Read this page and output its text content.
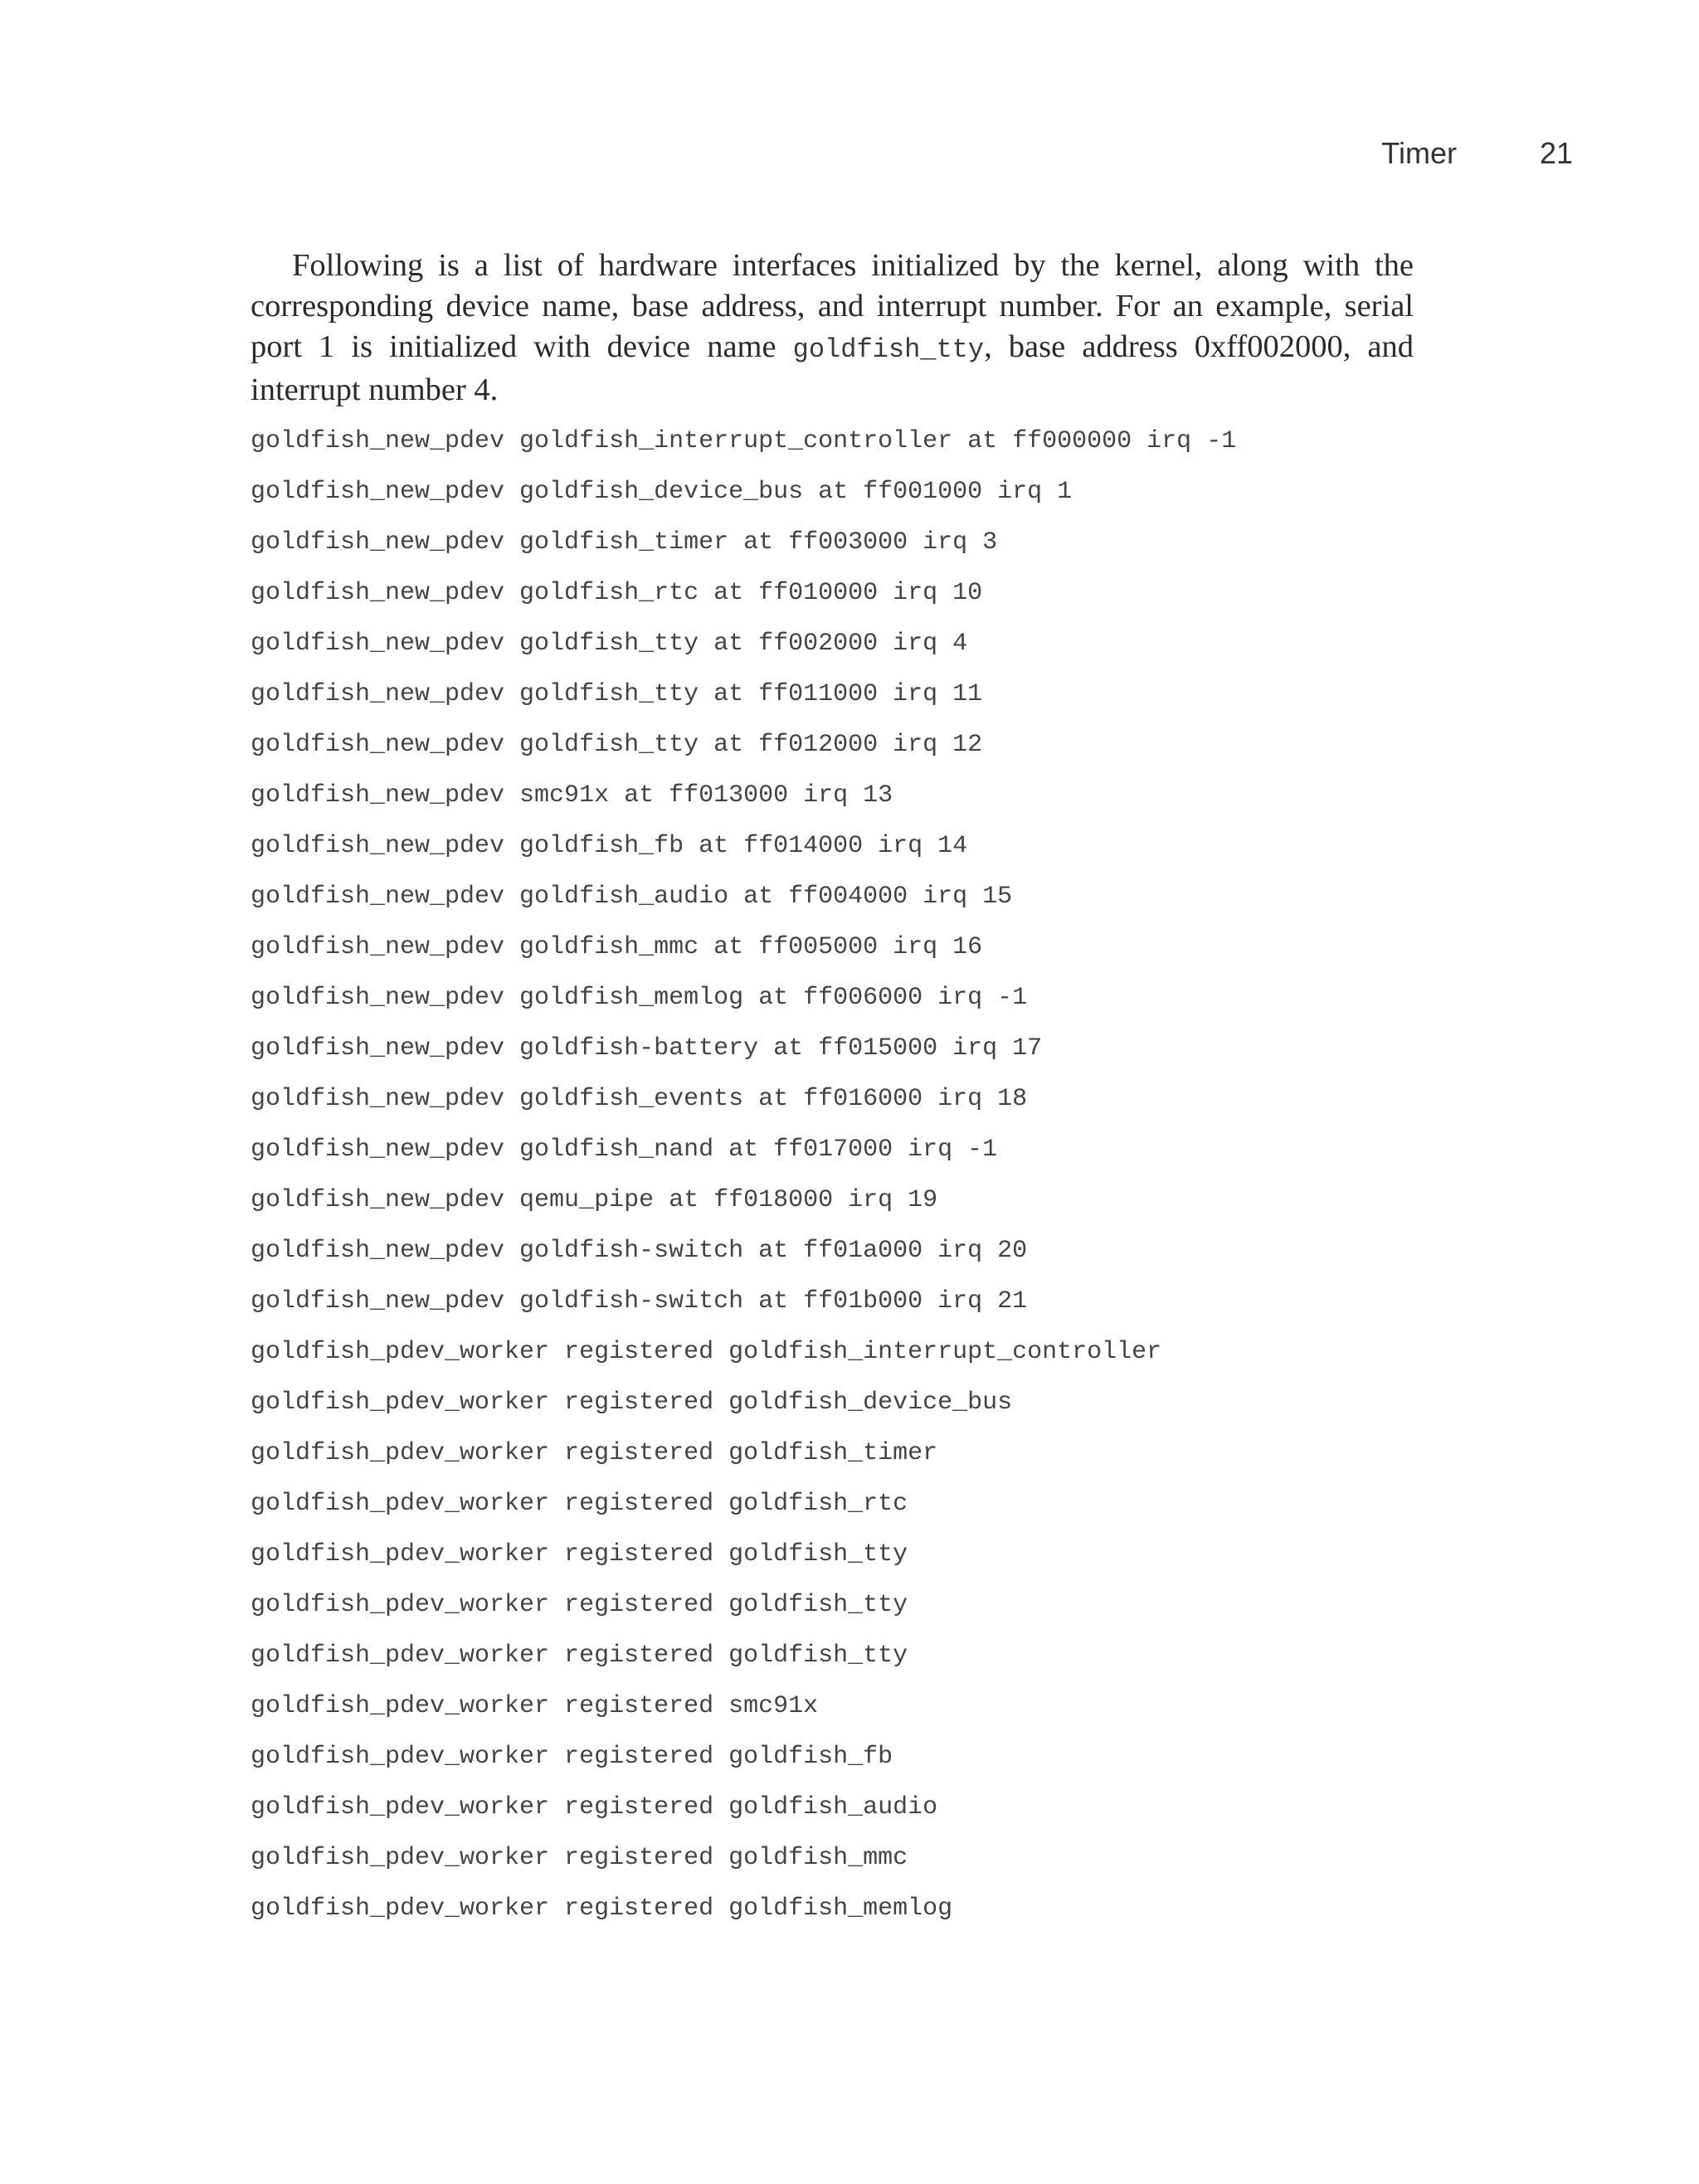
Timer	21

Following is a list of hardware interfaces initialized by the kernel, along with the corresponding device name, base address, and interrupt number. For an example, serial port 1 is initialized with device name goldfish_tty, base address 0xff002000, and interrupt number 4.

goldfish_new_pdev goldfish_interrupt_controller at ff000000 irq -1
goldfish_new_pdev goldfish_device_bus at ff001000 irq 1
goldfish_new_pdev goldfish_timer at ff003000 irq 3
goldfish_new_pdev goldfish_rtc at ff010000 irq 10
goldfish_new_pdev goldfish_tty at ff002000 irq 4
goldfish_new_pdev goldfish_tty at ff011000 irq 11
goldfish_new_pdev goldfish_tty at ff012000 irq 12
goldfish_new_pdev smc91x at ff013000 irq 13
goldfish_new_pdev goldfish_fb at ff014000 irq 14
goldfish_new_pdev goldfish_audio at ff004000 irq 15
goldfish_new_pdev goldfish_mmc at ff005000 irq 16
goldfish_new_pdev goldfish_memlog at ff006000 irq -1
goldfish_new_pdev goldfish-battery at ff015000 irq 17
goldfish_new_pdev goldfish_events at ff016000 irq 18
goldfish_new_pdev goldfish_nand at ff017000 irq -1
goldfish_new_pdev qemu_pipe at ff018000 irq 19
goldfish_new_pdev goldfish-switch at ff01a000 irq 20
goldfish_new_pdev goldfish-switch at ff01b000 irq 21
goldfish_pdev_worker registered goldfish_interrupt_controller
goldfish_pdev_worker registered goldfish_device_bus
goldfish_pdev_worker registered goldfish_timer
goldfish_pdev_worker registered goldfish_rtc
goldfish_pdev_worker registered goldfish_tty
goldfish_pdev_worker registered goldfish_tty
goldfish_pdev_worker registered goldfish_tty
goldfish_pdev_worker registered smc91x
goldfish_pdev_worker registered goldfish_fb
goldfish_pdev_worker registered goldfish_audio
goldfish_pdev_worker registered goldfish_mmc
goldfish_pdev_worker registered goldfish_memlog
